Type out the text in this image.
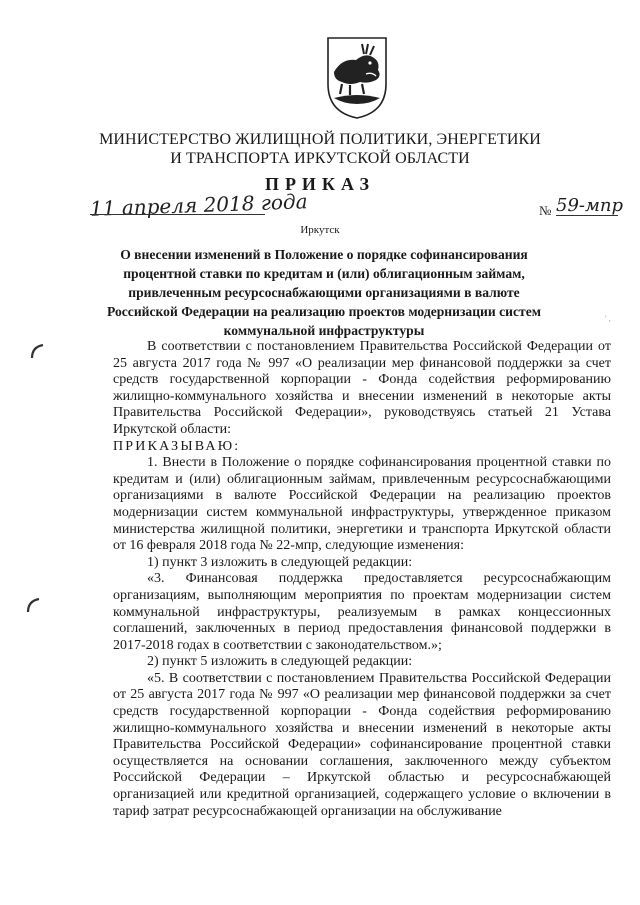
МИНИСТЕРСТВО ЖИЛИЩНОЙ ПОЛИТИКИ, ЭНЕРГЕТИКИ
И ТРАНСПОРТА ИРКУТСКОЙ ОБЛАСТИ
ПРИКАЗ
11 апреля 2018 года	№ 59-мпр
Иркутск
О внесении изменений в Положение о порядке софинансирования процентной ставки по кредитам и (или) облигационным займам, привлеченным ресурсоснабжающими организациями в валюте Российской Федерации на реализацию проектов модернизации систем коммунальной инфраструктуры
′ ,

В соответствии с постановлением Правительства Российской Федерации от 25 августа 2017 года № 997 «О реализации мер финансовой поддержки за счет средств государственной корпорации - Фонда содействия реформированию жилищно-коммунального хозяйства и внесении изменений в некоторые акты Правительства Российской Федерации», руководствуясь статьей 21 Устава Иркутской области:

ПРИКАЗЫВАЮ:

1. Внести в Положение о порядке софинансирования процентной ставки по кредитам и (или) облигационным займам, привлеченным ресурсоснабжающими организациями в валюте Российской Федерации на реализацию проектов модернизации систем коммунальной инфраструктуры, утвержденное приказом министерства жилищной политики, энергетики и транспорта Иркутской области от 16 февраля 2018 года № 22-мпр, следующие изменения:

1) пункт 3 изложить в следующей редакции:

«3. Финансовая поддержка предоставляется ресурсоснабжающим организациям, выполняющим мероприятия по проектам модернизации систем коммунальной инфраструктуры, реализуемым в рамках концессионных соглашений, заключенных в период предоставления финансовой поддержки в 2017-2018 годах в соответствии с законодательством.»;

2) пункт 5 изложить в следующей редакции:

«5. В соответствии с постановлением Правительства Российской Федерации от 25 августа 2017 года № 997 «О реализации мер финансовой поддержки за счет средств государственной корпорации - Фонда содействия реформированию жилищно-коммунального хозяйства и внесении изменений в некоторые акты Правительства Российской Федерации» софинансирование процентной ставки осуществляется на основании соглашения, заключенного между субъектом Российской Федерации – Иркутской областью и ресурсоснабжающей организацией или кредитной организацией, содержащего условие о включении в тариф затрат ресурсоснабжающей организации на обслуживание
